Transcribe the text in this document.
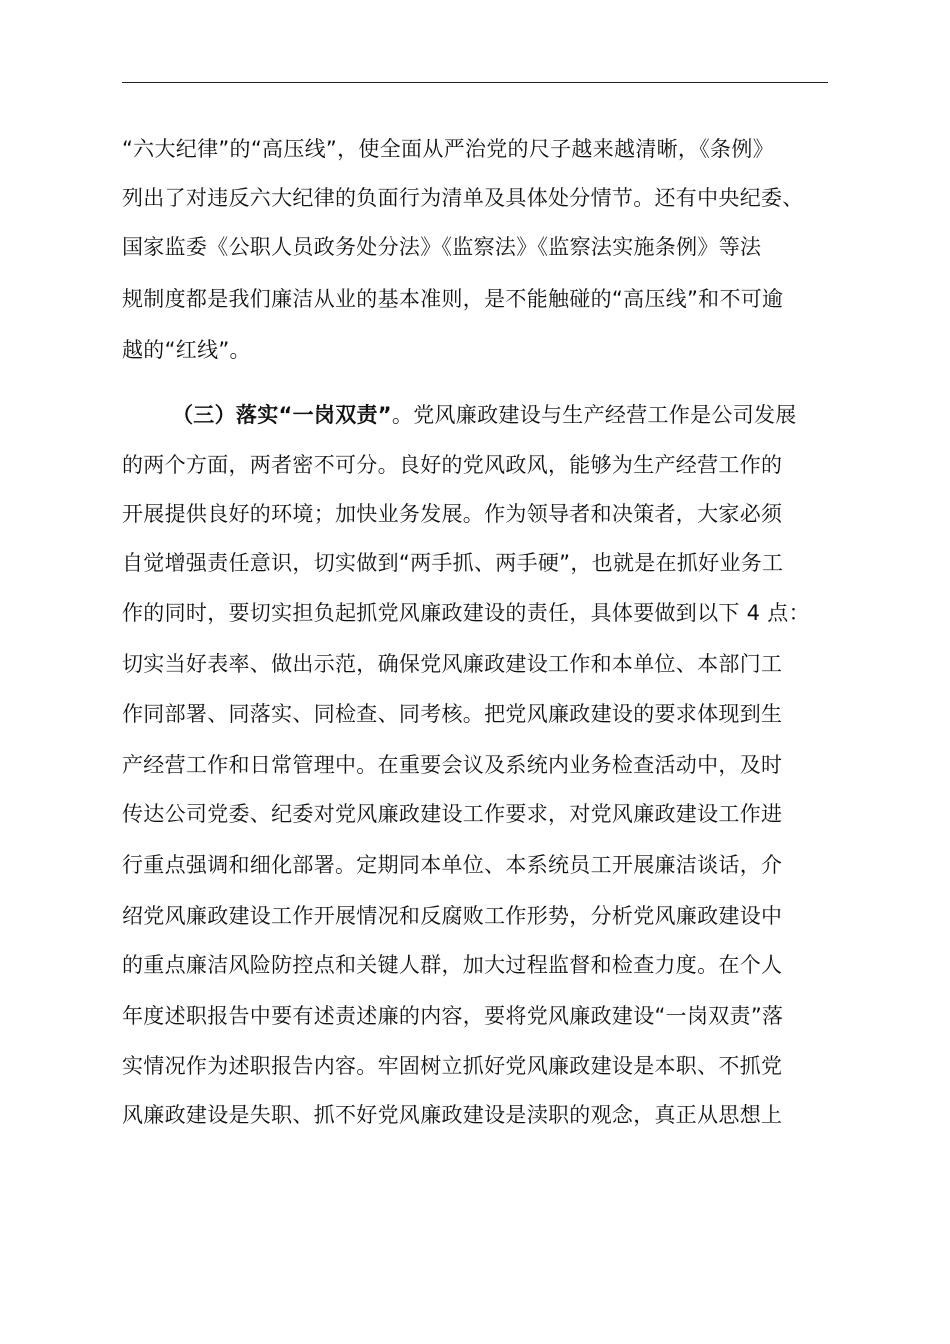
“六大纪律”的“高压线”，使全面从严治党的尺子越来越清晰，《条例》
列出了对违反六大纪律的负面行为清单及具体处分情节。还有中央纪委、
国家监委《公职人员政务处分法》《监察法》《监察法实施条例》等法
规制度都是我们廉洁从业的基本准则，是不能触碰的“高压线”和不可逾
越的“红线”。
（三）落实“一岗双责”。党风廉政建设与生产经营工作是公司发展
的两个方面，两者密不可分。良好的党风政风，能够为生产经营工作的
开展提供良好的环境；加快业务发展。作为领导者和决策者，大家必须
自觉增强责任意识，切实做到“两手抓、两手硬”，也就是在抓好业务工
作的同时，要切实担负起抓党风廉政建设的责任，具体要做到以下 4 点：
切实当好表率、做出示范，确保党风廉政建设工作和本单位、本部门工
作同部署、同落实、同检查、同考核。把党风廉政建设的要求体现到生
产经营工作和日常管理中。在重要会议及系统内业务检查活动中，及时
传达公司党委、纪委对党风廉政建设工作要求，对党风廉政建设工作进
行重点强调和细化部署。定期同本单位、本系统员工开展廉洁谈话，介
绍党风廉政建设工作开展情况和反腐败工作形势，分析党风廉政建设中
的重点廉洁风险防控点和关键人群，加大过程监督和检查力度。在个人
年度述职报告中要有述责述廉的内容，要将党风廉政建设“一岗双责”落
实情况作为述职报告内容。牢固树立抓好党风廉政建设是本职、不抓党
风廉政建设是失职、抓不好党风廉政建设是渎职的观念，真正从思想上
